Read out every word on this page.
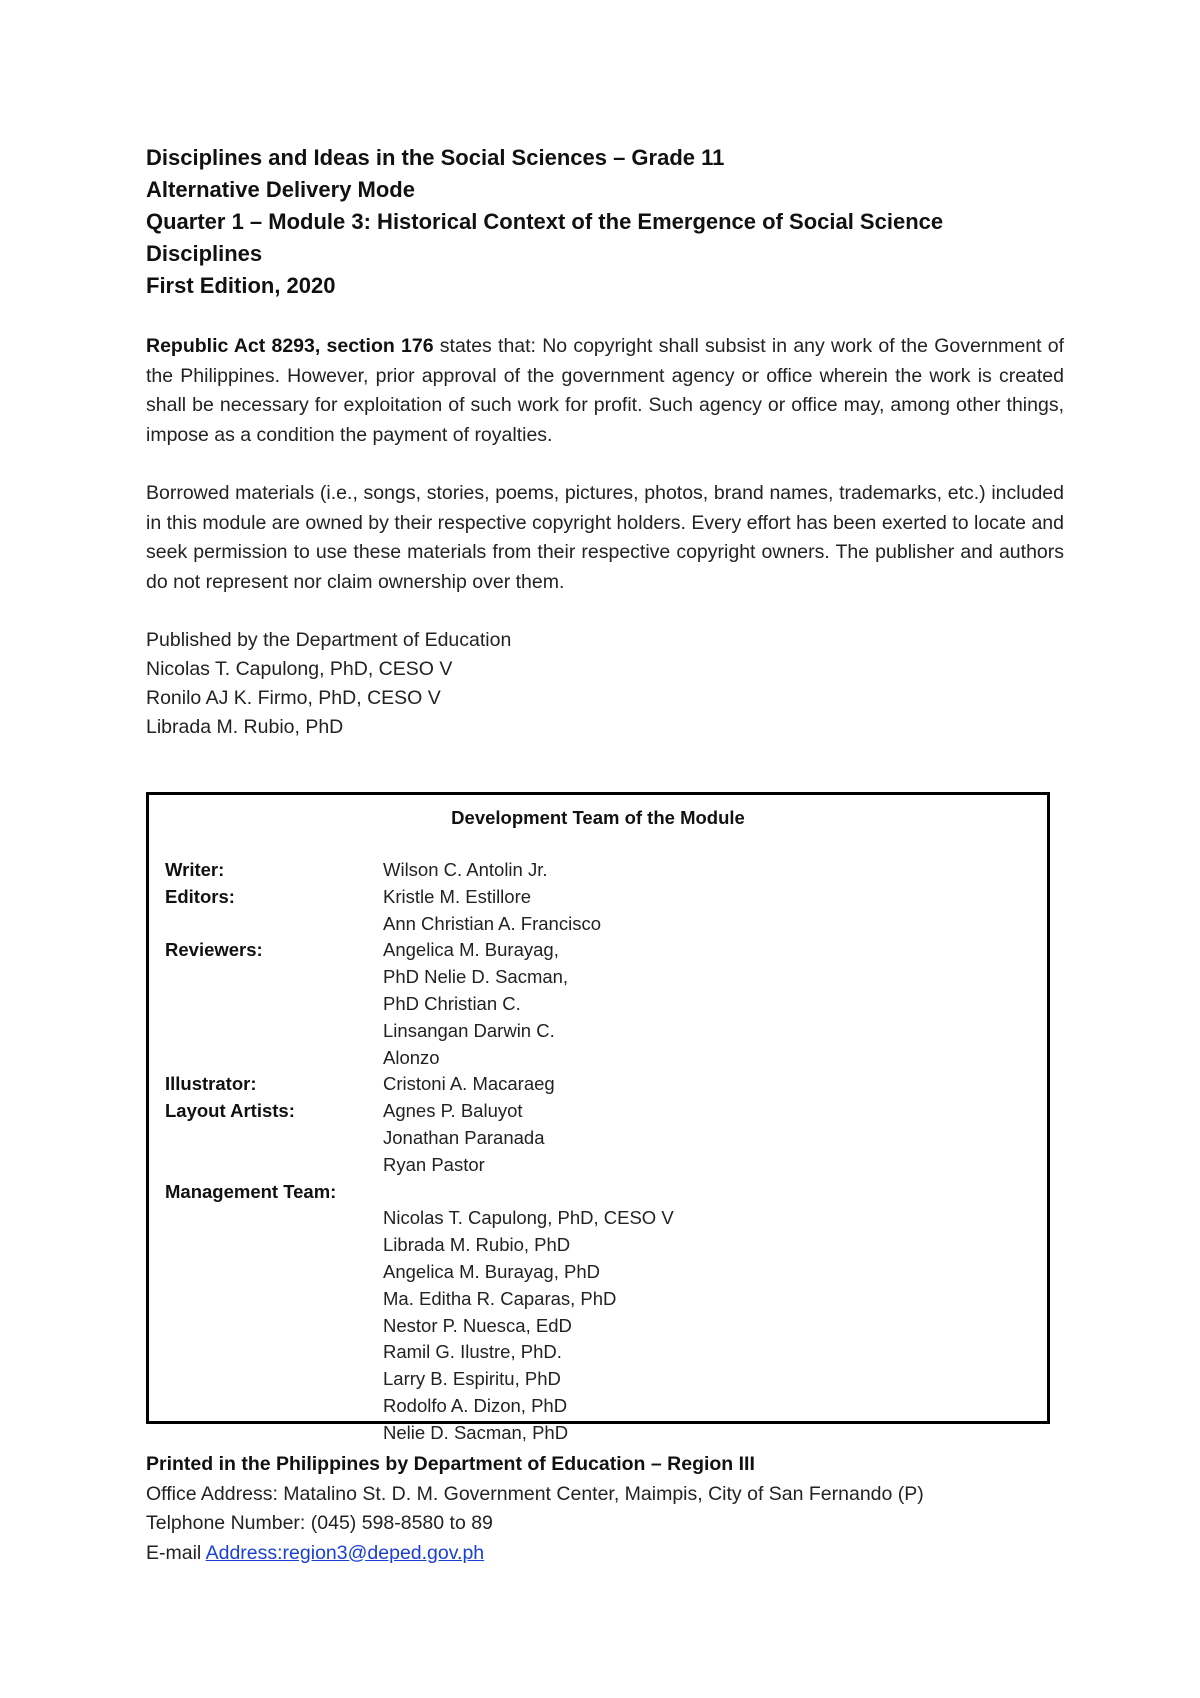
Disciplines and Ideas in the Social Sciences – Grade 11
Alternative Delivery Mode
Quarter 1 – Module 3: Historical Context of the Emergence of Social Science
Disciplines
First Edition, 2020

Republic Act 8293, section 176 states that: No copyright shall subsist in any work of the Government of the Philippines. However, prior approval of the government agency or office wherein the work is created shall be necessary for exploitation of such work for profit. Such agency or office may, among other things, impose as a condition the payment of royalties.

Borrowed materials (i.e., songs, stories, poems, pictures, photos, brand names, trademarks, etc.) included in this module are owned by their respective copyright holders. Every effort has been exerted to locate and seek permission to use these materials from their respective copyright owners. The publisher and authors do not represent nor claim ownership over them.

Published by the Department of Education
Nicolas T. Capulong, PhD, CESO V
Ronilo AJ K. Firmo, PhD, CESO V
Librada M. Rubio, PhD
Development Team of the Module
Writer:	Wilson C. Antolin Jr.
Editors:	Kristle M. Estillore
Ann Christian A. Francisco
Reviewers:	Angelica M. Burayag,
PhD Nelie D. Sacman,
PhD Christian C.
Linsangan Darwin C.
Alonzo
Illustrator:	Cristoni A. Macaraeg
Layout Artists:	Agnes P. Baluyot
Jonathan Paranada
Ryan Pastor
Management Team:
Nicolas T. Capulong, PhD, CESO V
Librada M. Rubio, PhD
Angelica M. Burayag, PhD
Ma. Editha R. Caparas, PhD
Nestor P. Nuesca, EdD
Ramil G. Ilustre, PhD.
Larry B. Espiritu, PhD
Rodolfo A. Dizon, PhD
Nelie D. Sacman, PhD
Printed in the Philippines by Department of Education – Region III
Office Address: Matalino St. D. M. Government Center, Maimpis, City of San Fernando (P)
Telphone Number: (045) 598-8580 to 89
E-mail Address:region3@deped.gov.ph
